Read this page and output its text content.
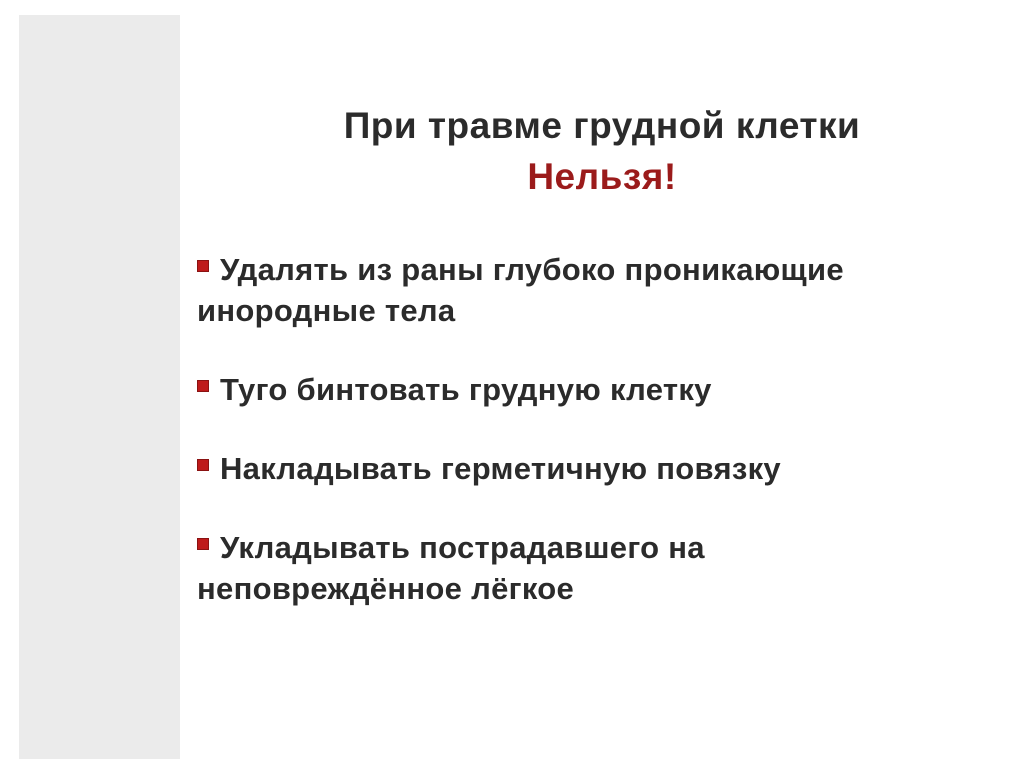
При травме грудной клетки
Нельзя!

Удалять из раны глубоко проникающие инородные тела

Туго бинтовать грудную клетку

Накладывать герметичную повязку

Укладывать пострадавшего на неповреждённое лёгкое
